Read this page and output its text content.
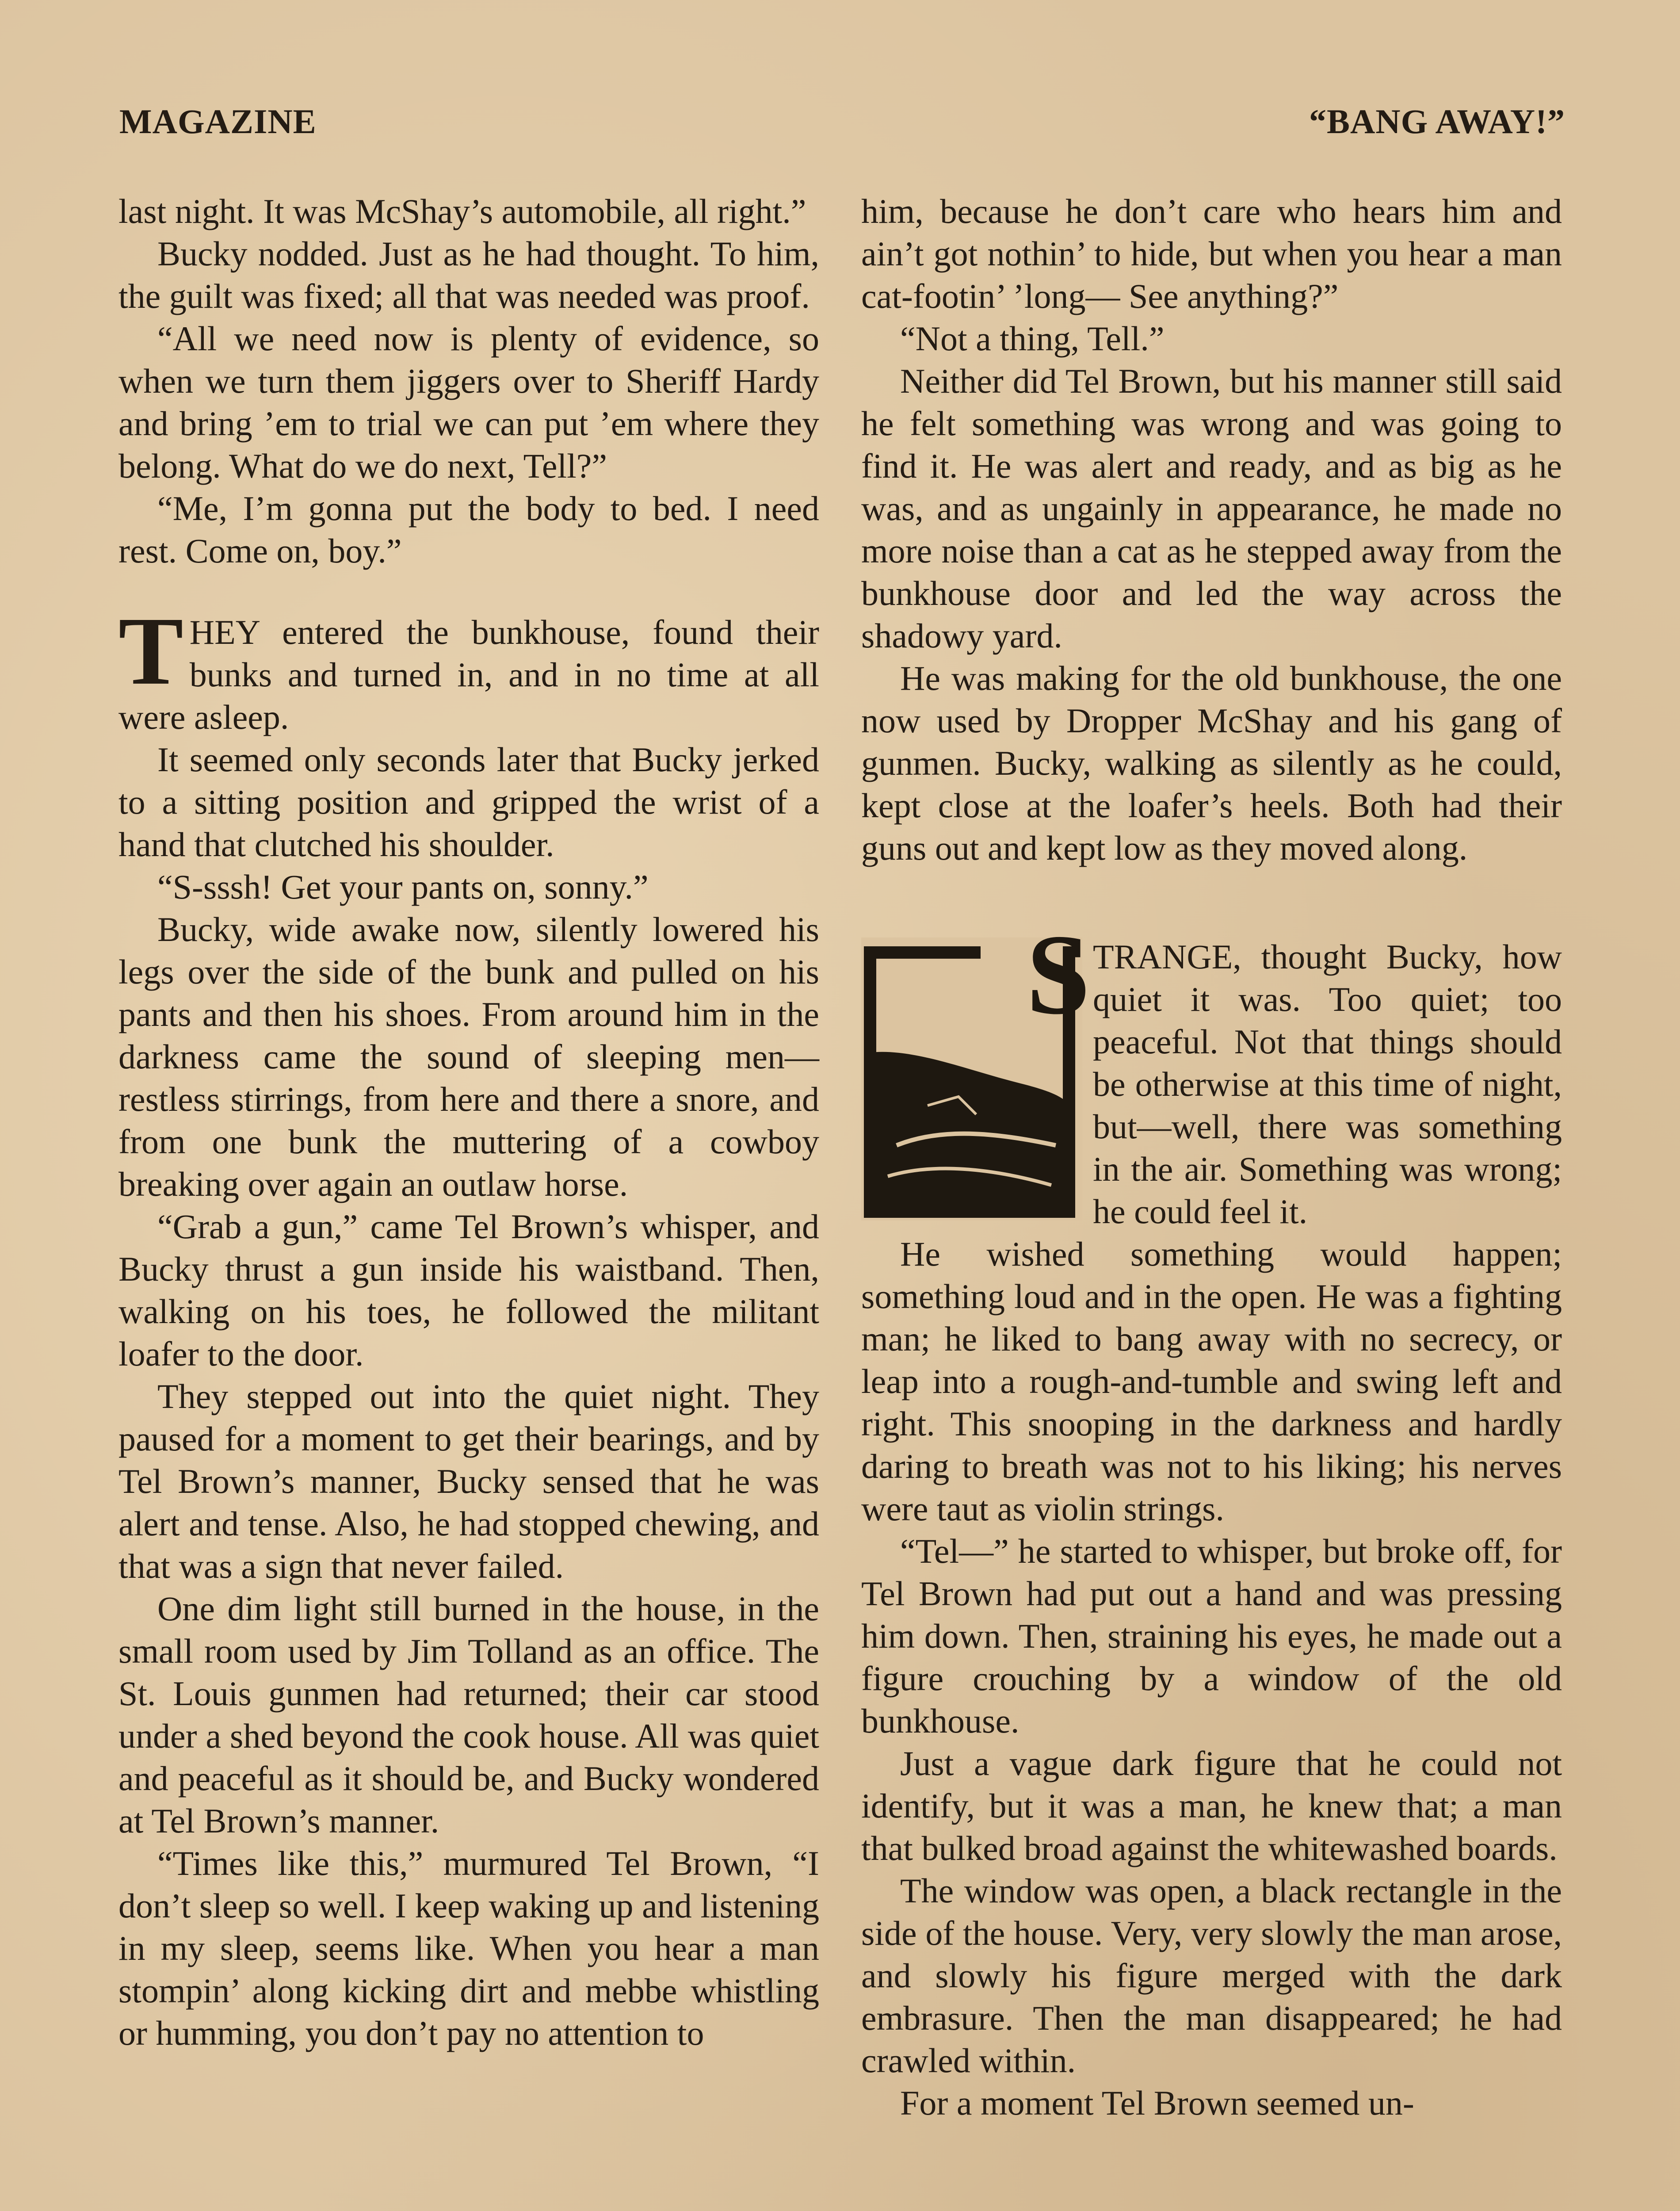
MAGAZINE	“BANG AWAY!”

last night. It was McShay’s automobile, all right.”

Bucky nodded. Just as he had thought. To him, the guilt was fixed; all that was needed was proof.

“All we need now is plenty of evidence, so when we turn them jiggers over to Sheriff Hardy and bring ’em to trial we can put ’em where they belong. What do we do next, Tell?”

“Me, I’m gonna put the body to bed. I need rest. Come on, boy.”

THEY entered the bunkhouse, found their bunks and turned in, and in no time at all were asleep.

It seemed only seconds later that Bucky jerked to a sitting position and gripped the wrist of a hand that clutched his shoulder.

“S-sssh! Get your pants on, sonny.”

Bucky, wide awake now, silently lowered his legs over the side of the bunk and pulled on his pants and then his shoes. From around him in the darkness came the sound of sleeping men—restless stirrings, from here and there a snore, and from one bunk the muttering of a cowboy breaking over again an outlaw horse.

“Grab a gun,” came Tel Brown’s whisper, and Bucky thrust a gun inside his waistband. Then, walking on his toes, he followed the militant loafer to the door.

They stepped out into the quiet night. They paused for a moment to get their bearings, and by Tel Brown’s manner, Bucky sensed that he was alert and tense. Also, he had stopped chewing, and that was a sign that never failed.

One dim light still burned in the house, in the small room used by Jim Tolland as an office. The St. Louis gunmen had returned; their car stood under a shed beyond the cook house. All was quiet and peaceful as it should be, and Bucky wondered at Tel Brown’s manner.

“Times like this,” murmured Tel Brown, “I don’t sleep so well. I keep waking up and listening in my sleep, seems like. When you hear a man stompin’ along kicking dirt and mebbe whistling or humming, you don’t pay no attention to

him, because he don’t care who hears him and ain’t got nothin’ to hide, but when you hear a man cat-footin’ ’long— See anything?”

“Not a thing, Tell.”

Neither did Tel Brown, but his manner still said he felt something was wrong and was going to find it. He was alert and ready, and as big as he was, and as ungainly in appearance, he made no more noise than a cat as he stepped away from the bunkhouse door and led the way across the shadowy yard.

He was making for the old bunkhouse, the one now used by Dropper McShay and his gang of gunmen. Bucky, walking as silently as he could, kept close at the loafer’s heels. Both had their guns out and kept low as they moved along.

S TRANGE, thought Bucky, how quiet it was. Too quiet; too peaceful. Not that things should be otherwise at this time of night, but—well, there was something in the air. Something was wrong; he could feel it.

He wished something would happen; something loud and in the open. He was a fighting man; he liked to bang away with no secrecy, or leap into a rough-and-tumble and swing left and right. This snooping in the darkness and hardly daring to breath was not to his liking; his nerves were taut as violin strings.

“Tel—” he started to whisper, but broke off, for Tel Brown had put out a hand and was pressing him down. Then, straining his eyes, he made out a figure crouching by a window of the old bunkhouse.

Just a vague dark figure that he could not identify, but it was a man, he knew that; a man that bulked broad against the whitewashed boards.

The window was open, a black rectangle in the side of the house. Very, very slowly the man arose, and slowly his figure merged with the dark embrasure. Then the man disappeared; he had crawled within.

For a moment Tel Brown seemed un-
